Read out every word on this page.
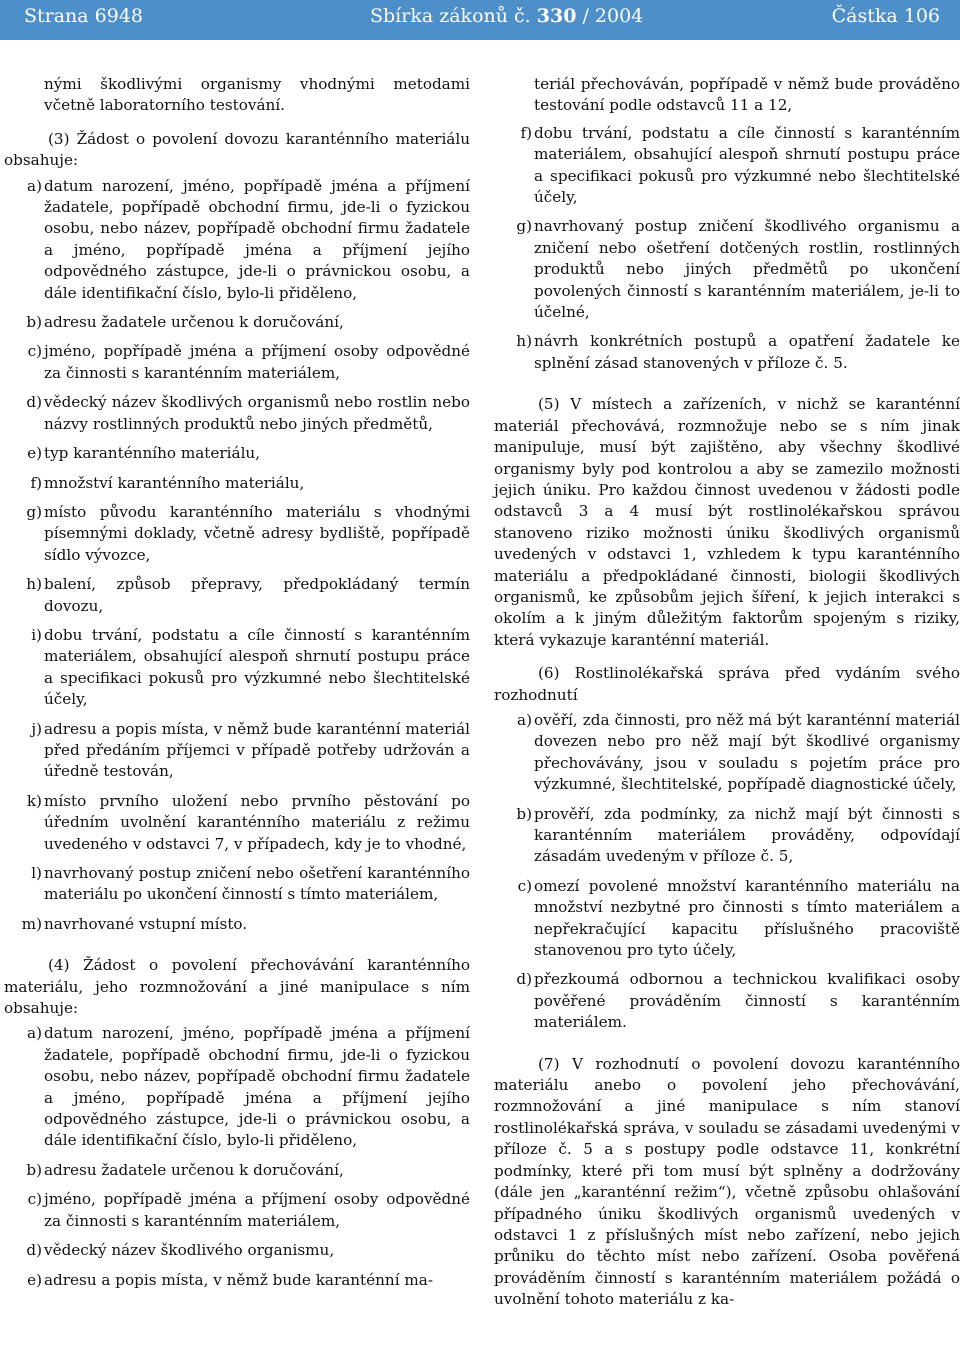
Strana 6948	Sbírka zákonů č. 330 / 2004	Částka 106

nými škodlivými organismy vhodnými metodami včetně laboratorního testování.

(3) Žádost o povolení dovozu karanténního materiálu obsahuje:

a) datum narození, jméno, popřípadě jména a příjmení žadatele, popřípadě obchodní firmu, jde-li o fyzickou osobu, nebo název, popřípadě obchodní firmu žadatele a jméno, popřípadě jména a příjmení jejího odpovědného zástupce, jde-li o právnickou osobu, a dále identifikační číslo, bylo-li přiděleno,
b) adresu žadatele určenou k doručování,
c) jméno, popřípadě jména a příjmení osoby odpovědné za činnosti s karanténním materiálem,
d) vědecký název škodlivých organismů nebo rostlin nebo názvy rostlinných produktů nebo jiných předmětů,
e) typ karanténního materiálu,
f) množství karanténního materiálu,
g) místo původu karanténního materiálu s vhodnými písemnými doklady, včetně adresy bydliště, popřípadě sídlo vývozce,
h) balení, způsob přepravy, předpokládaný termín dovozu,
i) dobu trvání, podstatu a cíle činností s karanténním materiálem, obsahující alespoň shrnutí postupu práce a specifikaci pokusů pro výzkumné nebo šlechtitelské účely,
j) adresu a popis místa, v němž bude karanténní materiál před předáním příjemci v případě potřeby udržován a úředně testován,
k) místo prvního uložení nebo prvního pěstování po úředním uvolnění karanténního materiálu z režimu uvedeného v odstavci 7, v případech, kdy je to vhodné,
l) navrhovaný postup zničení nebo ošetření karanténního materiálu po ukončení činností s tímto materiálem,
m) navrhované vstupní místo.

(4) Žádost o povolení přechovávání karanténního materiálu, jeho rozmnožování a jiné manipulace s ním obsahuje:

a) datum narození, jméno, popřípadě jména a příjmení žadatele, popřípadě obchodní firmu, jde-li o fyzickou osobu, nebo název, popřípadě obchodní firmu žadatele a jméno, popřípadě jména a příjmení jejího odpovědného zástupce, jde-li o právnickou osobu, a dále identifikační číslo, bylo-li přiděleno,
b) adresu žadatele určenou k doručování,
c) jméno, popřípadě jména a příjmení osoby odpovědné za činnosti s karanténním materiálem,
d) vědecký název škodlivého organismu,
e) adresu a popis místa, v němž bude karanténní ma-

teriál přechováván, popřípadě v němž bude prováděno testování podle odstavců 11 a 12,

f) dobu trvání, podstatu a cíle činností s karanténním materiálem, obsahující alespoň shrnutí postupu práce a specifikaci pokusů pro výzkumné nebo šlechtitelské účely,
g) navrhovaný postup zničení škodlivého organismu a zničení nebo ošetření dotčených rostlin, rostlinných produktů nebo jiných předmětů po ukončení povolených činností s karanténním materiálem, je-li to účelné,
h) návrh konkrétních postupů a opatření žadatele ke splnění zásad stanovených v příloze č. 5.

(5) V místech a zařízeních, v nichž se karanténní materiál přechovává, rozmnožuje nebo se s ním jinak manipuluje, musí být zajištěno, aby všechny škodlivé organismy byly pod kontrolou a aby se zamezilo možnosti jejich úniku. Pro každou činnost uvedenou v žádosti podle odstavců 3 a 4 musí být rostlinolékařskou správou stanoveno riziko možnosti úniku škodlivých organismů uvedených v odstavci 1, vzhledem k typu karanténního materiálu a předpokládané činnosti, biologii škodlivých organismů, ke způsobům jejich šíření, k jejich interakci s okolím a k jiným důležitým faktorům spojeným s riziky, která vykazuje karanténní materiál.

(6) Rostlinolékařská správa před vydáním svého rozhodnutí

a) ověří, zda činnosti, pro něž má být karanténní materiál dovezen nebo pro něž mají být škodlivé organismy přechovávány, jsou v souladu s pojetím práce pro výzkumné, šlechtitelské, popřípadě diagnostické účely,
b) prověří, zda podmínky, za nichž mají být činnosti s karanténním materiálem prováděny, odpovídají zásadám uvedeným v příloze č. 5,
c) omezí povolené množství karanténního materiálu na množství nezbytné pro činnosti s tímto materiálem a nepřekračující kapacitu příslušného pracoviště stanovenou pro tyto účely,
d) přezkoumá odbornou a technickou kvalifikaci osoby pověřené prováděním činností s karanténním materiálem.

(7) V rozhodnutí o povolení dovozu karanténního materiálu anebo o povolení jeho přechovávání, rozmnožování a jiné manipulace s ním stanoví rostlinolékařská správa, v souladu se zásadami uvedenými v příloze č. 5 a s postupy podle odstavce 11, konkrétní podmínky, které při tom musí být splněny a dodržovány (dále jen „karanténní režim“), včetně způsobu ohlašování případného úniku škodlivých organismů uvedených v odstavci 1 z příslušných míst nebo zařízení, nebo jejich průniku do těchto míst nebo zařízení. Osoba pověřená prováděním činností s karanténním materiálem požádá o uvolnění tohoto materiálu z ka-
